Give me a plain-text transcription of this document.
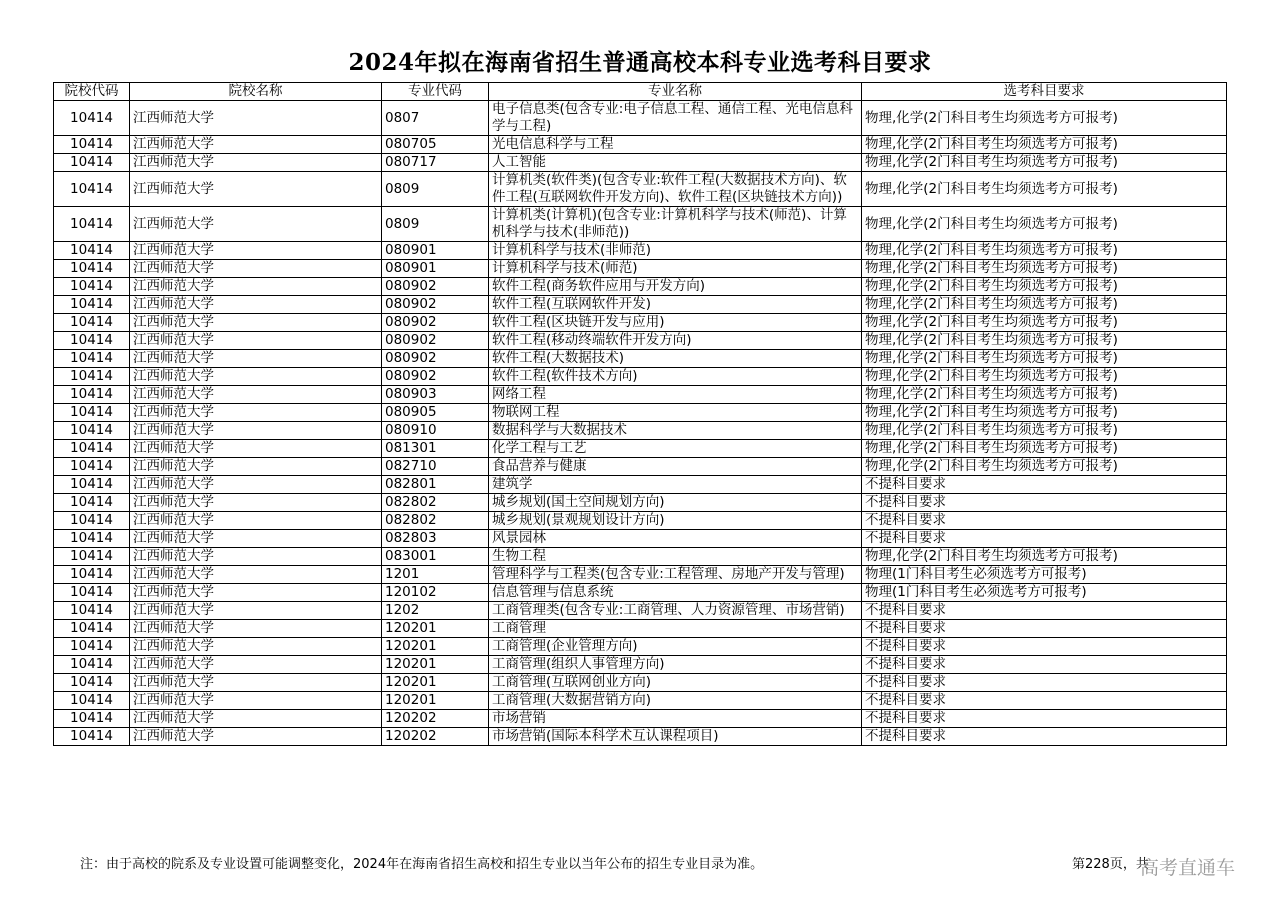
2024年拟在海南省招生普通高校本科专业选考科目要求
院校代码	院校名称	专业代码	专业名称	选考科目要求
10414	江西师范大学	0807	电子信息类(包含专业:电子信息工程、通信工程、光电信息科学与工程)	物理,化学(2门科目考生均须选考方可报考)
10414	江西师范大学	080705	光电信息科学与工程	物理,化学(2门科目考生均须选考方可报考)
10414	江西师范大学	080717	人工智能	物理,化学(2门科目考生均须选考方可报考)
10414	江西师范大学	0809	计算机类(软件类)(包含专业:软件工程(大数据技术方向)、软件工程(互联网软件开发方向)、软件工程(区块链技术方向))	物理,化学(2门科目考生均须选考方可报考)
10414	江西师范大学	0809	计算机类(计算机)(包含专业:计算机科学与技术(师范)、计算机科学与技术(非师范))	物理,化学(2门科目考生均须选考方可报考)
10414	江西师范大学	080901	计算机科学与技术(非师范)	物理,化学(2门科目考生均须选考方可报考)
10414	江西师范大学	080901	计算机科学与技术(师范)	物理,化学(2门科目考生均须选考方可报考)
10414	江西师范大学	080902	软件工程(商务软件应用与开发方向)	物理,化学(2门科目考生均须选考方可报考)
10414	江西师范大学	080902	软件工程(互联网软件开发)	物理,化学(2门科目考生均须选考方可报考)
10414	江西师范大学	080902	软件工程(区块链开发与应用)	物理,化学(2门科目考生均须选考方可报考)
10414	江西师范大学	080902	软件工程(移动终端软件开发方向)	物理,化学(2门科目考生均须选考方可报考)
10414	江西师范大学	080902	软件工程(大数据技术)	物理,化学(2门科目考生均须选考方可报考)
10414	江西师范大学	080902	软件工程(软件技术方向)	物理,化学(2门科目考生均须选考方可报考)
10414	江西师范大学	080903	网络工程	物理,化学(2门科目考生均须选考方可报考)
10414	江西师范大学	080905	物联网工程	物理,化学(2门科目考生均须选考方可报考)
10414	江西师范大学	080910	数据科学与大数据技术	物理,化学(2门科目考生均须选考方可报考)
10414	江西师范大学	081301	化学工程与工艺	物理,化学(2门科目考生均须选考方可报考)
10414	江西师范大学	082710	食品营养与健康	物理,化学(2门科目考生均须选考方可报考)
10414	江西师范大学	082801	建筑学	不提科目要求
10414	江西师范大学	082802	城乡规划(国土空间规划方向)	不提科目要求
10414	江西师范大学	082802	城乡规划(景观规划设计方向)	不提科目要求
10414	江西师范大学	082803	风景园林	不提科目要求
10414	江西师范大学	083001	生物工程	物理,化学(2门科目考生均须选考方可报考)
10414	江西师范大学	1201	管理科学与工程类(包含专业:工程管理、房地产开发与管理)	物理(1门科目考生必须选考方可报考)
10414	江西师范大学	120102	信息管理与信息系统	物理(1门科目考生必须选考方可报考)
10414	江西师范大学	1202	工商管理类(包含专业:工商管理、人力资源管理、市场营销)	不提科目要求
10414	江西师范大学	120201	工商管理	不提科目要求
10414	江西师范大学	120201	工商管理(企业管理方向)	不提科目要求
10414	江西师范大学	120201	工商管理(组织人事管理方向)	不提科目要求
10414	江西师范大学	120201	工商管理(互联网创业方向)	不提科目要求
10414	江西师范大学	120201	工商管理(大数据营销方向)	不提科目要求
10414	江西师范大学	120202	市场营销	不提科目要求
10414	江西师范大学	120202	市场营销(国际本科学术互认课程项目)	不提科目要求
注：由于高校的院系及专业设置可能调整变化，2024年在海南省招生高校和招生专业以当年公布的招生专业目录为准。	第228页，共
高考直通车
